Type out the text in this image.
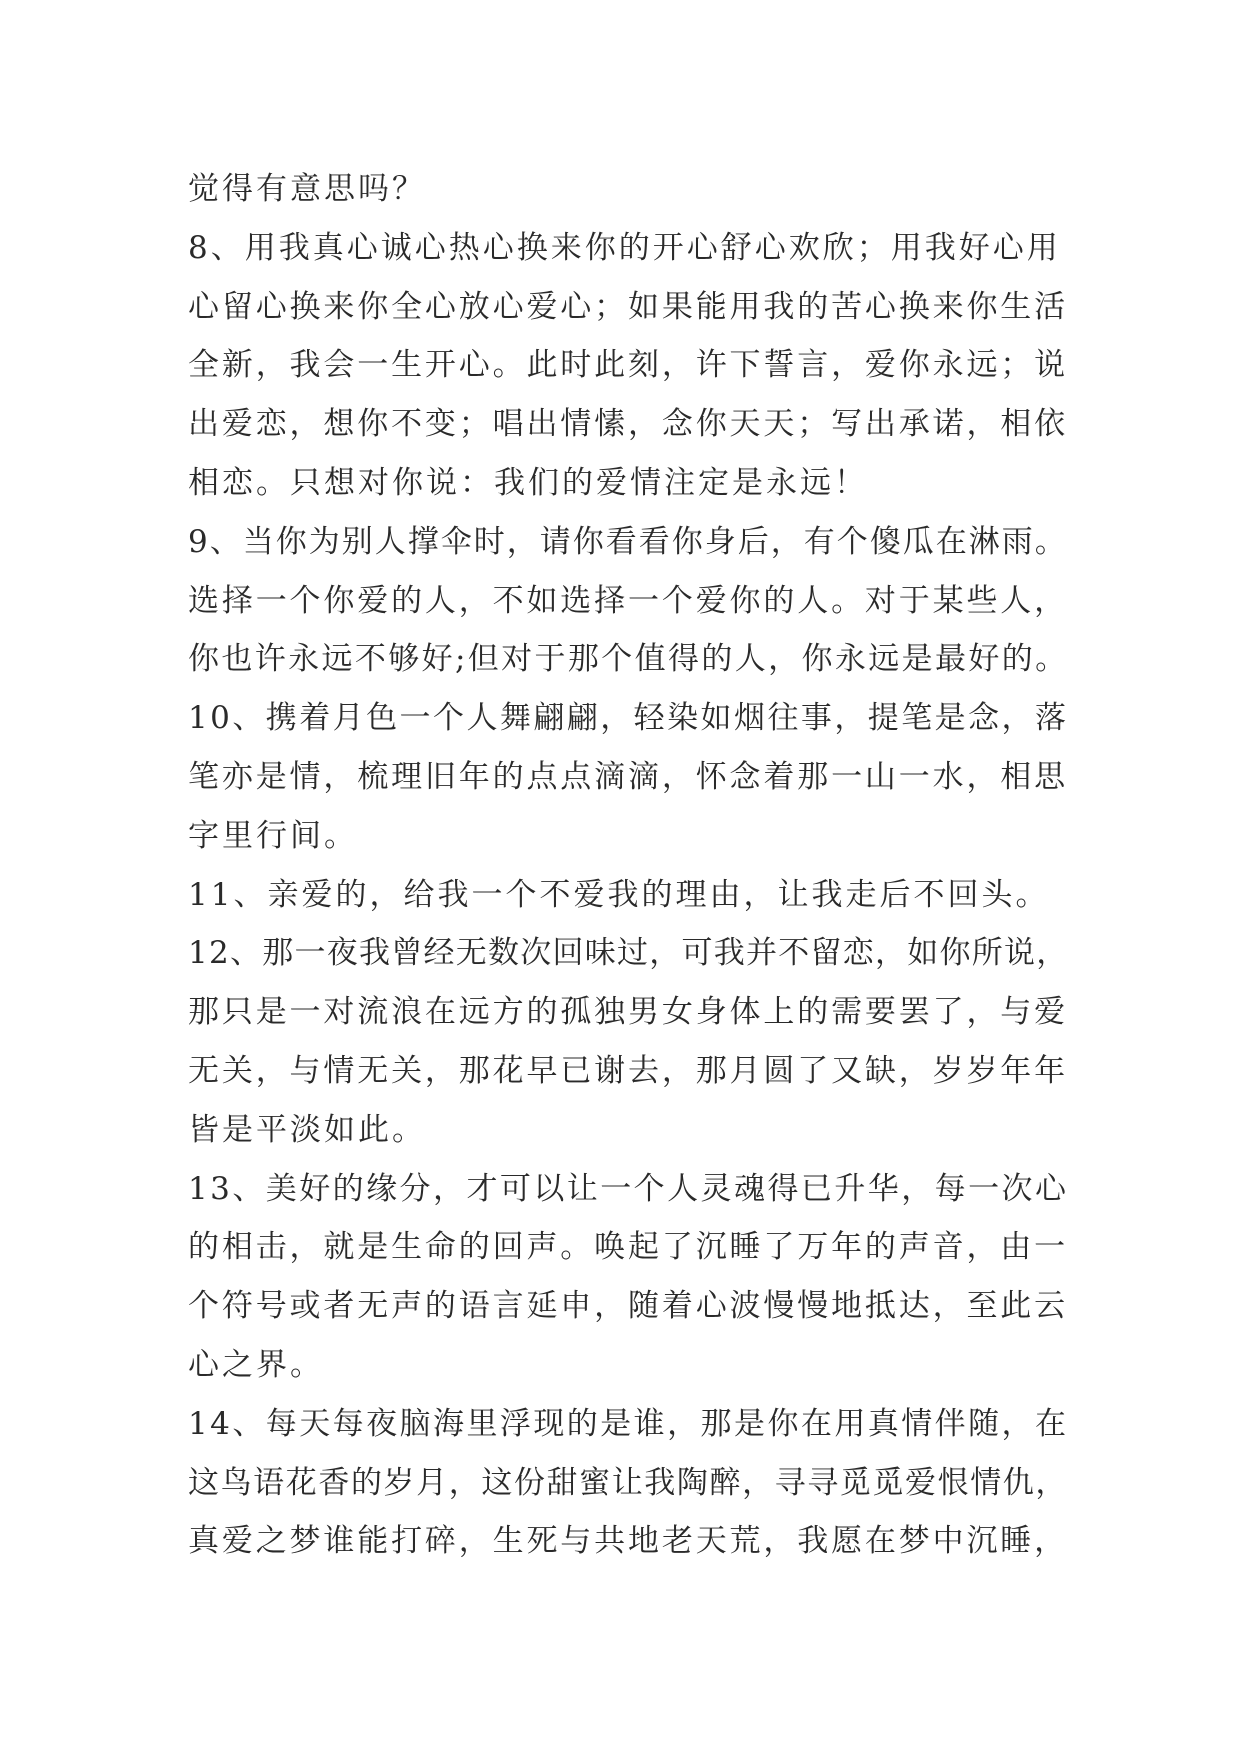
觉得有意思吗？
8、用我真心诚心热心换来你的开心舒心欢欣；用我好心用
心留心换来你全心放心爱心；如果能用我的苦心换来你生活
全新，我会一生开心。此时此刻，许下誓言，爱你永远；说
出爱恋，想你不变；唱出情愫，念你天天；写出承诺，相依
相恋。只想对你说：我们的爱情注定是永远！
9、当你为别人撑伞时，请你看看你身后，有个傻瓜在淋雨。
选择一个你爱的人，不如选择一个爱你的人。对于某些人，
你也许永远不够好;但对于那个值得的人，你永远是最好的。
10、携着月色一个人舞翩翩，轻染如烟往事，提笔是念，落
笔亦是情，梳理旧年的点点滴滴，怀念着那一山一水，相思
字里行间。
11、亲爱的，给我一个不爱我的理由，让我走后不回头。
12、那一夜我曾经无数次回味过，可我并不留恋，如你所说，
那只是一对流浪在远方的孤独男女身体上的需要罢了，与爱
无关，与情无关，那花早已谢去，那月圆了又缺，岁岁年年
皆是平淡如此。
13、美好的缘分，才可以让一个人灵魂得已升华，每一次心
的相击，就是生命的回声。唤起了沉睡了万年的声音，由一
个符号或者无声的语言延申，随着心波慢慢地抵达，至此云
心之界。
14、每天每夜脑海里浮现的是谁，那是你在用真情伴随，在
这鸟语花香的岁月，这份甜蜜让我陶醉，寻寻觅觅爱恨情仇，
真爱之梦谁能打碎，生死与共地老天荒，我愿在梦中沉睡，
